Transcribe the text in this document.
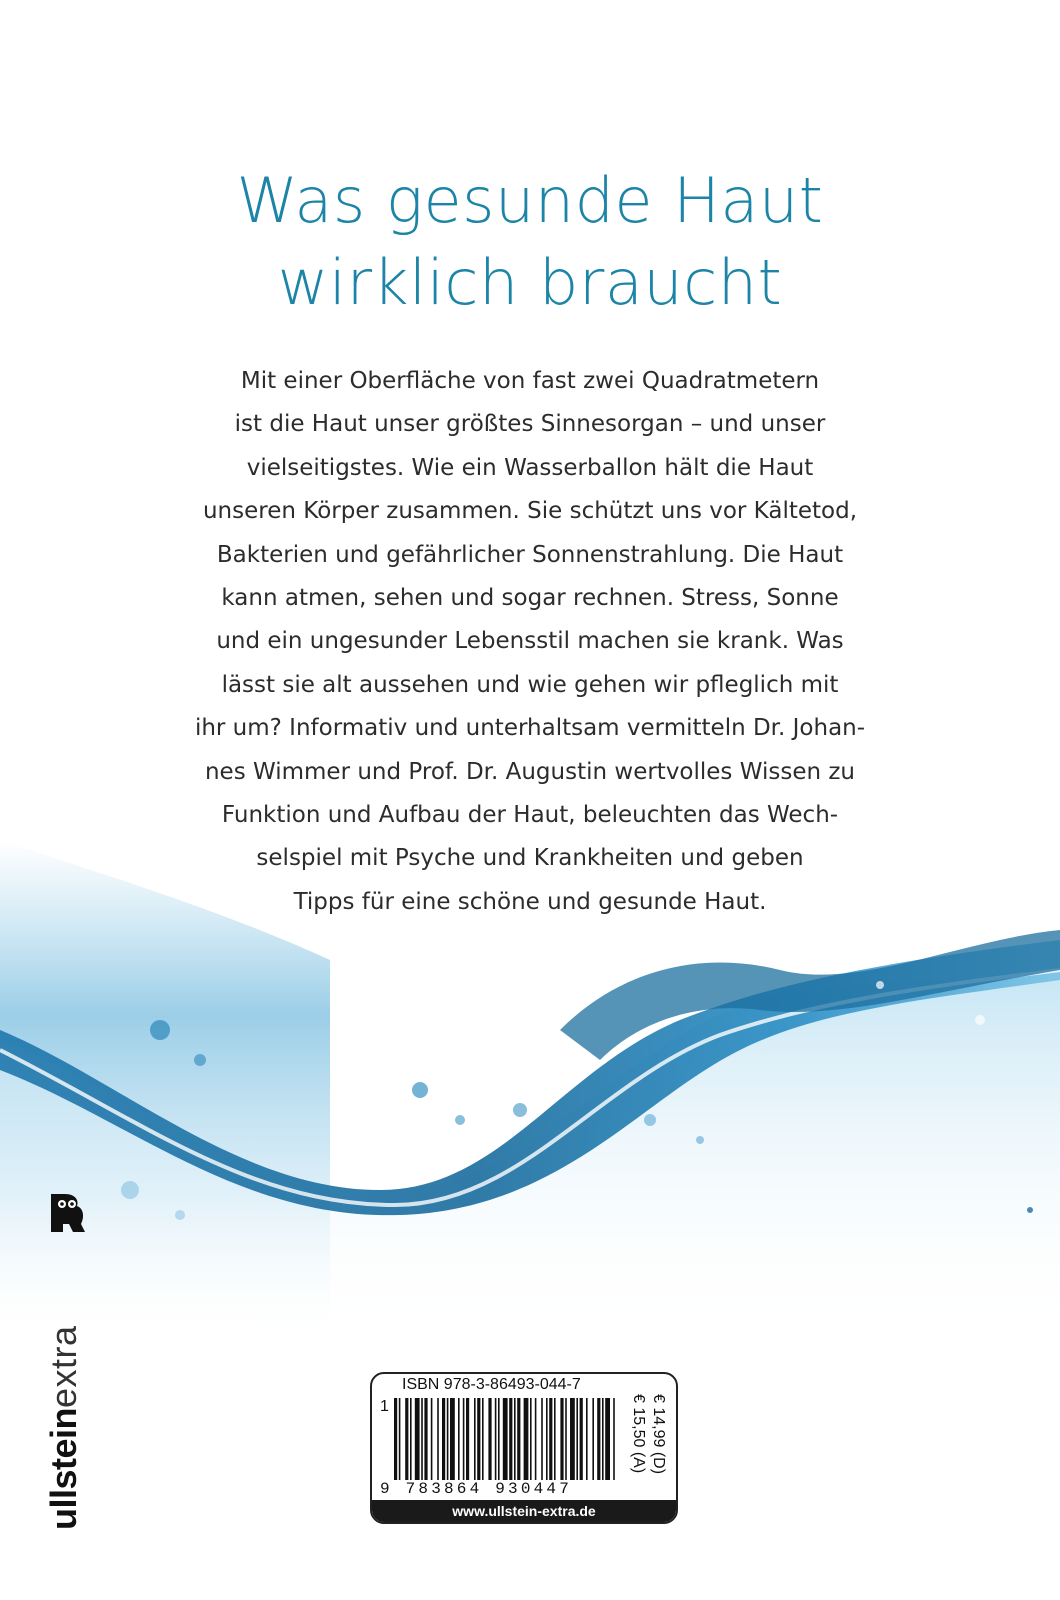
Was gesunde Haut
wirklich braucht
Mit einer Oberfläche von fast zwei Quadratmetern
ist die Haut unser größtes Sinnesorgan – und unser
vielseitigstes. Wie ein Wasserballon hält die Haut
unseren Körper zusammen. Sie schützt uns vor Kältetod,
Bakterien und gefährlicher Sonnenstrahlung. Die Haut
kann atmen, sehen und sogar rechnen. Stress, Sonne
und ein ungesunder Lebensstil machen sie krank. Was
lässt sie alt aussehen und wie gehen wir pfleglich mit
ihr um? Informativ und unterhaltsam vermitteln Dr. Johan-
nes Wimmer und Prof. Dr. Augustin wertvolles Wissen zu
Funktion und Aufbau der Haut, beleuchten das Wech-
selspiel mit Psyche und Krankheiten und geben
Tipps für eine schöne und gesunde Haut.
ullsteinextra	ISBN 978-3-86493-044-7
1
9 783864 930447
€ 14,99 (D)
€ 15,50 (A)
www.ullstein-extra.de
